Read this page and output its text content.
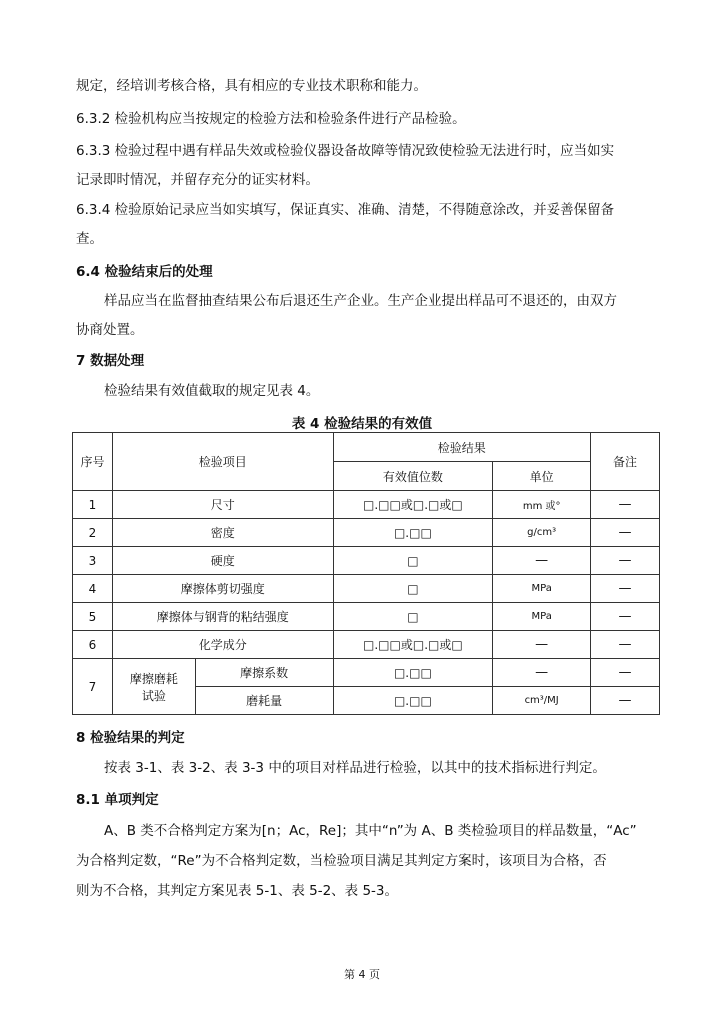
规定，经培训考核合格，具有相应的专业技术职称和能力。

6.3.2 检验机构应当按规定的检验方法和检验条件进行产品检验。

6.3.3 检验过程中遇有样品失效或检验仪器设备故障等情况致使检验无法进行时，应当如实

记录即时情况，并留存充分的证实材料。

6.3.4 检验原始记录应当如实填写，保证真实、准确、清楚，不得随意涂改，并妥善保留备

查。

6.4 检验结束后的处理

样品应当在监督抽查结果公布后退还生产企业。生产企业提出样品可不退还的，由双方

协商处置。

7 数据处理

检验结果有效值截取的规定见表 4。

表 4 检验结果的有效值
序号	检验项目		检验结果		备注
			有效值位数	单位	
1	尺寸		□.□□或□.□或□	mm 或°	—
2	密度		□.□□	g/cm³	—
3	硬度		□	—	—
4	摩擦体剪切强度		□	MPa	—
5	摩擦体与钢背的粘结强度		□	MPa	—
6	化学成分		□.□□或□.□或□	—	—
7	摩擦磨耗
试验	摩擦系数	□.□□	—	—
		磨耗量	□.□□	cm³/MJ	—

8 检验结果的判定

按表 3-1、表 3-2、表 3-3 中的项目对样品进行检验，以其中的技术指标进行判定。

8.1 单项判定

A、B 类不合格判定方案为[n；Ac，Re]；其中“n”为 A、B 类检验项目的样品数量，“Ac”

为合格判定数，“Re”为不合格判定数，当检验项目满足其判定方案时，该项目为合格，否

则为不合格，其判定方案见表 5-1、表 5-2、表 5-3。

第 4 页
